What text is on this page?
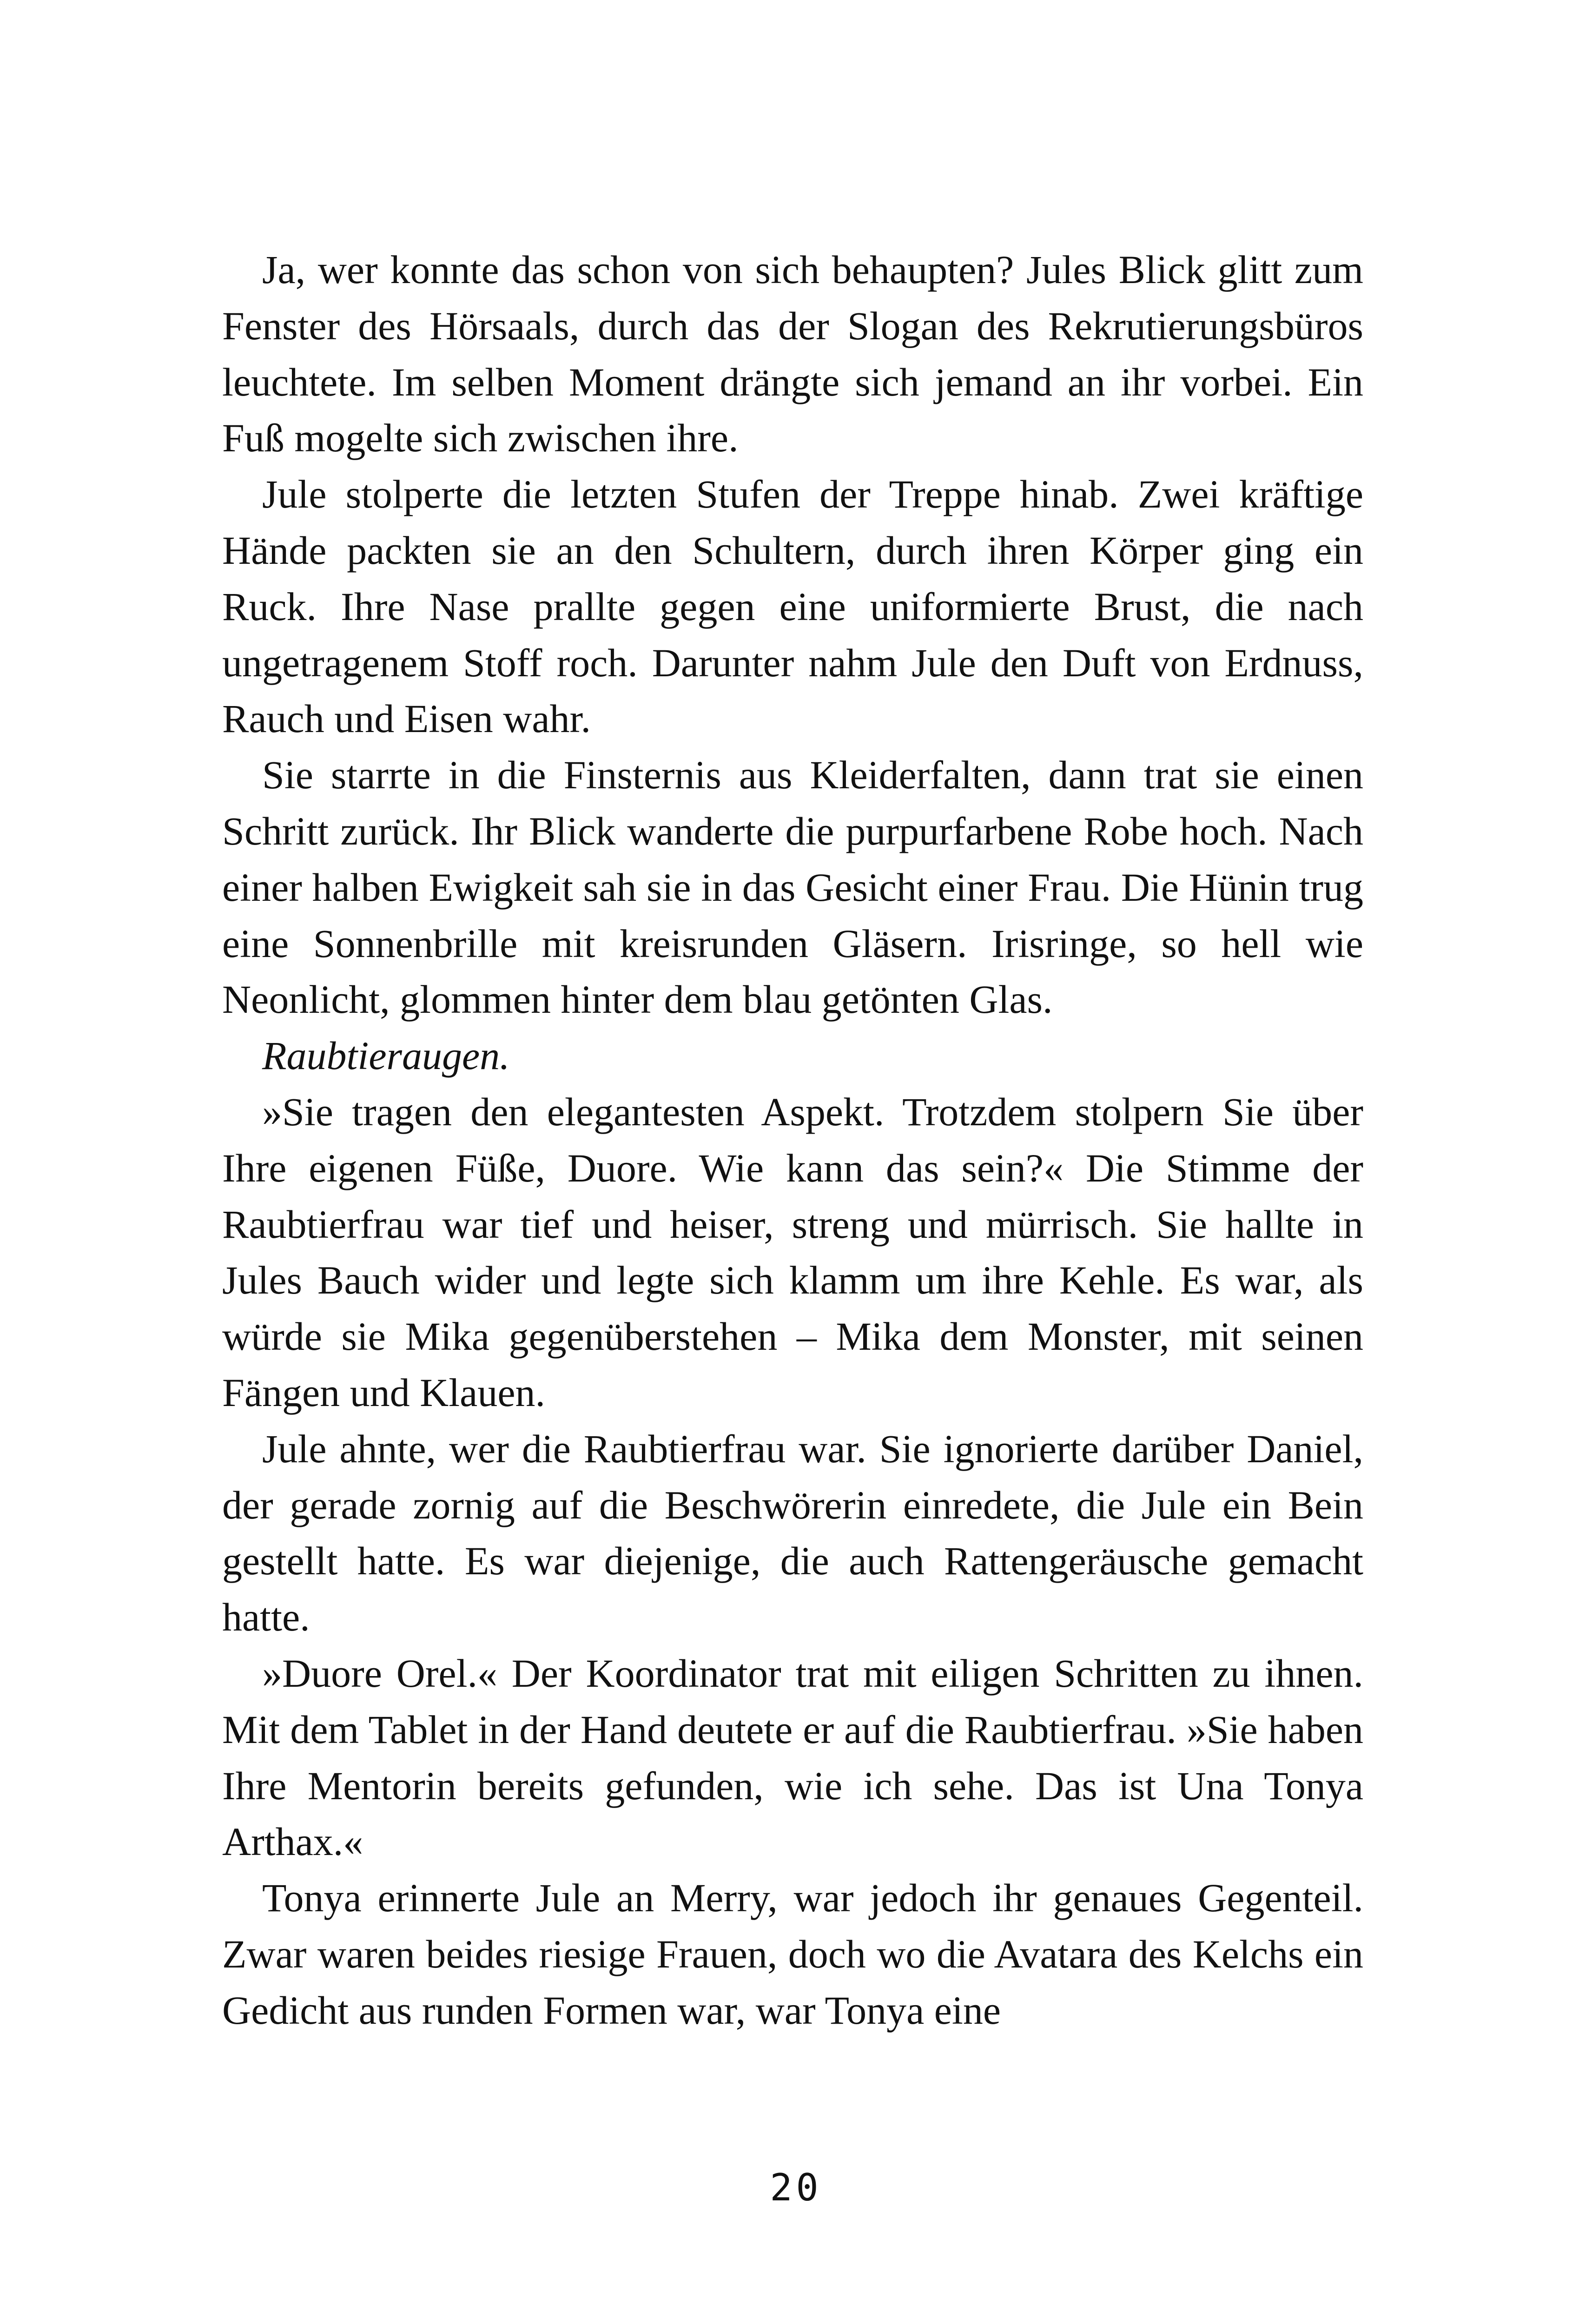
Ja, wer konnte das schon von sich behaupten? Jules Blick glitt zum Fenster des Hörsaals, durch das der Slogan des Rekrutierungsbüros leuchtete. Im selben Moment drängte sich jemand an ihr vorbei. Ein Fuß mogelte sich zwischen ihre.

Jule stolperte die letzten Stufen der Treppe hinab. Zwei kräftige Hände packten sie an den Schultern, durch ihren Körper ging ein Ruck. Ihre Nase prallte gegen eine uniformierte Brust, die nach ungetragenem Stoff roch. Darunter nahm Jule den Duft von Erdnuss, Rauch und Eisen wahr.

Sie starrte in die Finsternis aus Kleiderfalten, dann trat sie einen Schritt zurück. Ihr Blick wanderte die purpurfarbene Robe hoch. Nach einer halben Ewigkeit sah sie in das Gesicht einer Frau. Die Hünin trug eine Sonnenbrille mit kreisrunden Gläsern. Irisringe, so hell wie Neonlicht, glommen hinter dem blau getönten Glas.

Raubtieraugen.

»Sie tragen den elegantesten Aspekt. Trotzdem stolpern Sie über Ihre eigenen Füße, Duore. Wie kann das sein?« Die Stimme der Raubtierfrau war tief und heiser, streng und mürrisch. Sie hallte in Jules Bauch wider und legte sich klamm um ihre Kehle. Es war, als würde sie Mika gegenüberstehen – Mika dem Monster, mit seinen Fängen und Klauen.

Jule ahnte, wer die Raubtierfrau war. Sie ignorierte darüber Daniel, der gerade zornig auf die Beschwörerin einredete, die Jule ein Bein gestellt hatte. Es war diejenige, die auch Rattengeräusche gemacht hatte.

»Duore Orel.« Der Koordinator trat mit eiligen Schritten zu ihnen. Mit dem Tablet in der Hand deutete er auf die Raubtierfrau. »Sie haben Ihre Mentorin bereits gefunden, wie ich sehe. Das ist Una Tonya Arthax.«

Tonya erinnerte Jule an Merry, war jedoch ihr genaues Gegenteil. Zwar waren beides riesige Frauen, doch wo die Avatara des Kelchs ein Gedicht aus runden Formen war, war Tonya eine

20
